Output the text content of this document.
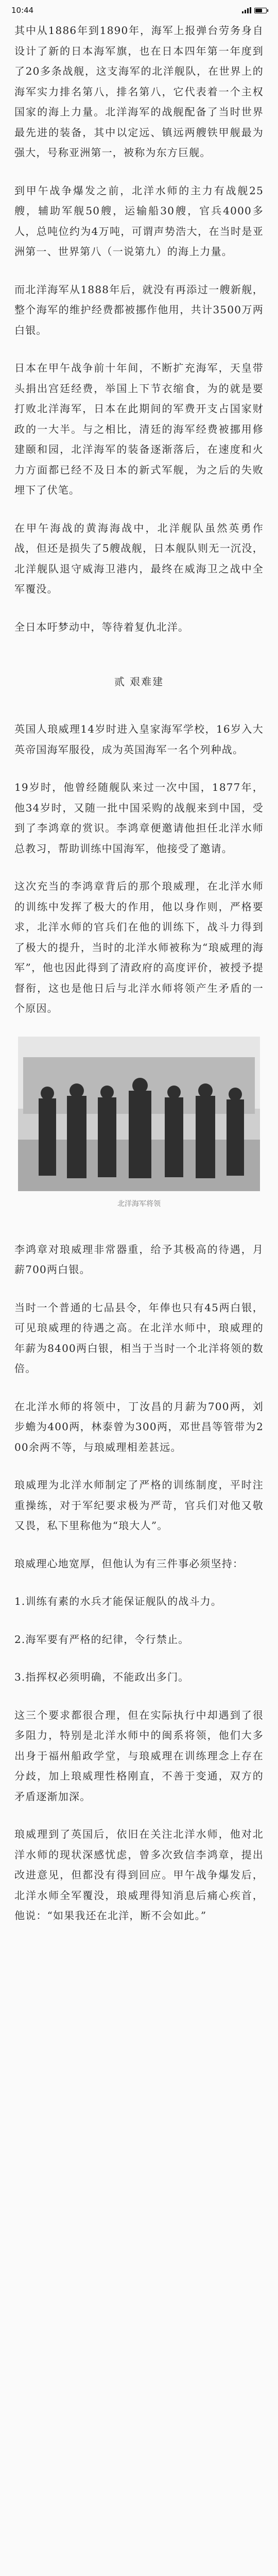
10:44

其中从1886年到1890年，海军上报弹台劳务身自设计了新的日本海军旗，也在日本四年第一年度到了20多条战舰，这支海军的北洋舰队，在世界上的海军实力排名第八，排名第八，它代表着一个主权国家的海上力量。北洋海军的战舰配备了当时世界最先进的装备，其中以定远、镇远两艘铁甲舰最为强大，号称亚洲第一，被称为东方巨舰。

到甲午战争爆发之前，北洋水师的主力有战舰25艘，辅助军舰50艘，运输船30艘，官兵4000多人，总吨位约为4万吨，可谓声势浩大，在当时是亚洲第一、世界第八（一说第九）的海上力量。

而北洋海军从1888年后，就没有再添过一艘新舰，整个海军的维护经费都被挪作他用，共计3500万两白银。

日本在甲午战争前十年间，不断扩充海军，天皇带头捐出宫廷经费，举国上下节衣缩食，为的就是要打败北洋海军，日本在此期间的军费开支占国家财政的一大半。与之相比，清廷的海军经费被挪用修建颐和园，北洋海军的装备逐渐落后，在速度和火力方面都已经不及日本的新式军舰，为之后的失败埋下了伏笔。

在甲午海战的黄海海战中，北洋舰队虽然英勇作战，但还是损失了5艘战舰，日本舰队则无一沉没，北洋舰队退守威海卫港内，最终在威海卫之战中全军覆没。

全日本吁梦动中，等待着复仇北洋。

贰 艰难建

英国人琅威理14岁时进入皇家海军学校，16岁入大英帝国海军服役，成为英国海军一名个列种战。

19岁时，他曾经随舰队来过一次中国，1877年，他34岁时，又随一批中国采购的战舰来到中国，受到了李鸿章的赏识。李鸿章便邀请他担任北洋水师总教习，帮助训练中国海军，他接受了邀请。

这次充当的李鸿章背后的那个琅威理，在北洋水师的训练中发挥了极大的作用，他以身作则，严格要求，北洋水师的官兵们在他的训练下，战斗力得到了极大的提升，当时的北洋水师被称为“琅威理的海军”，他也因此得到了清政府的高度评价，被授予提督衔，这也是他日后与北洋水师将领产生矛盾的一个原因。

北洋海军将领

李鸿章对琅威理非常器重，给予其极高的待遇，月薪700两白银。

当时一个普通的七品县令，年俸也只有45两白银，可见琅威理的待遇之高。在北洋水师中，琅威理的年薪为8400两白银，相当于当时一个北洋将领的数倍。

在北洋水师的将领中，丁汝昌的月薪为700两，刘步蟾为400两，林泰曾为300两，邓世昌等管带为200余两不等，与琅威理相差甚远。

琅威理为北洋水师制定了严格的训练制度，平时注重操练，对于军纪要求极为严苛，官兵们对他又敬又畏，私下里称他为“琅大人”。

琅威理心地宽厚，但他认为有三件事必须坚持：

1.训练有素的水兵才能保证舰队的战斗力。

2.海军要有严格的纪律，令行禁止。

3.指挥权必须明确，不能政出多门。

这三个要求都很合理，但在实际执行中却遇到了很多阻力，特别是北洋水师中的闽系将领，他们大多出身于福州船政学堂，与琅威理在训练理念上存在分歧，加上琅威理性格刚直，不善于变通，双方的矛盾逐渐加深。

琅威理到了英国后，依旧在关注北洋水师，他对北洋水师的现状深感忧虑，曾多次致信李鸿章，提出改进意见，但都没有得到回应。甲午战争爆发后，北洋水师全军覆没，琅威理得知消息后痛心疾首，他说：“如果我还在北洋，断不会如此。”
